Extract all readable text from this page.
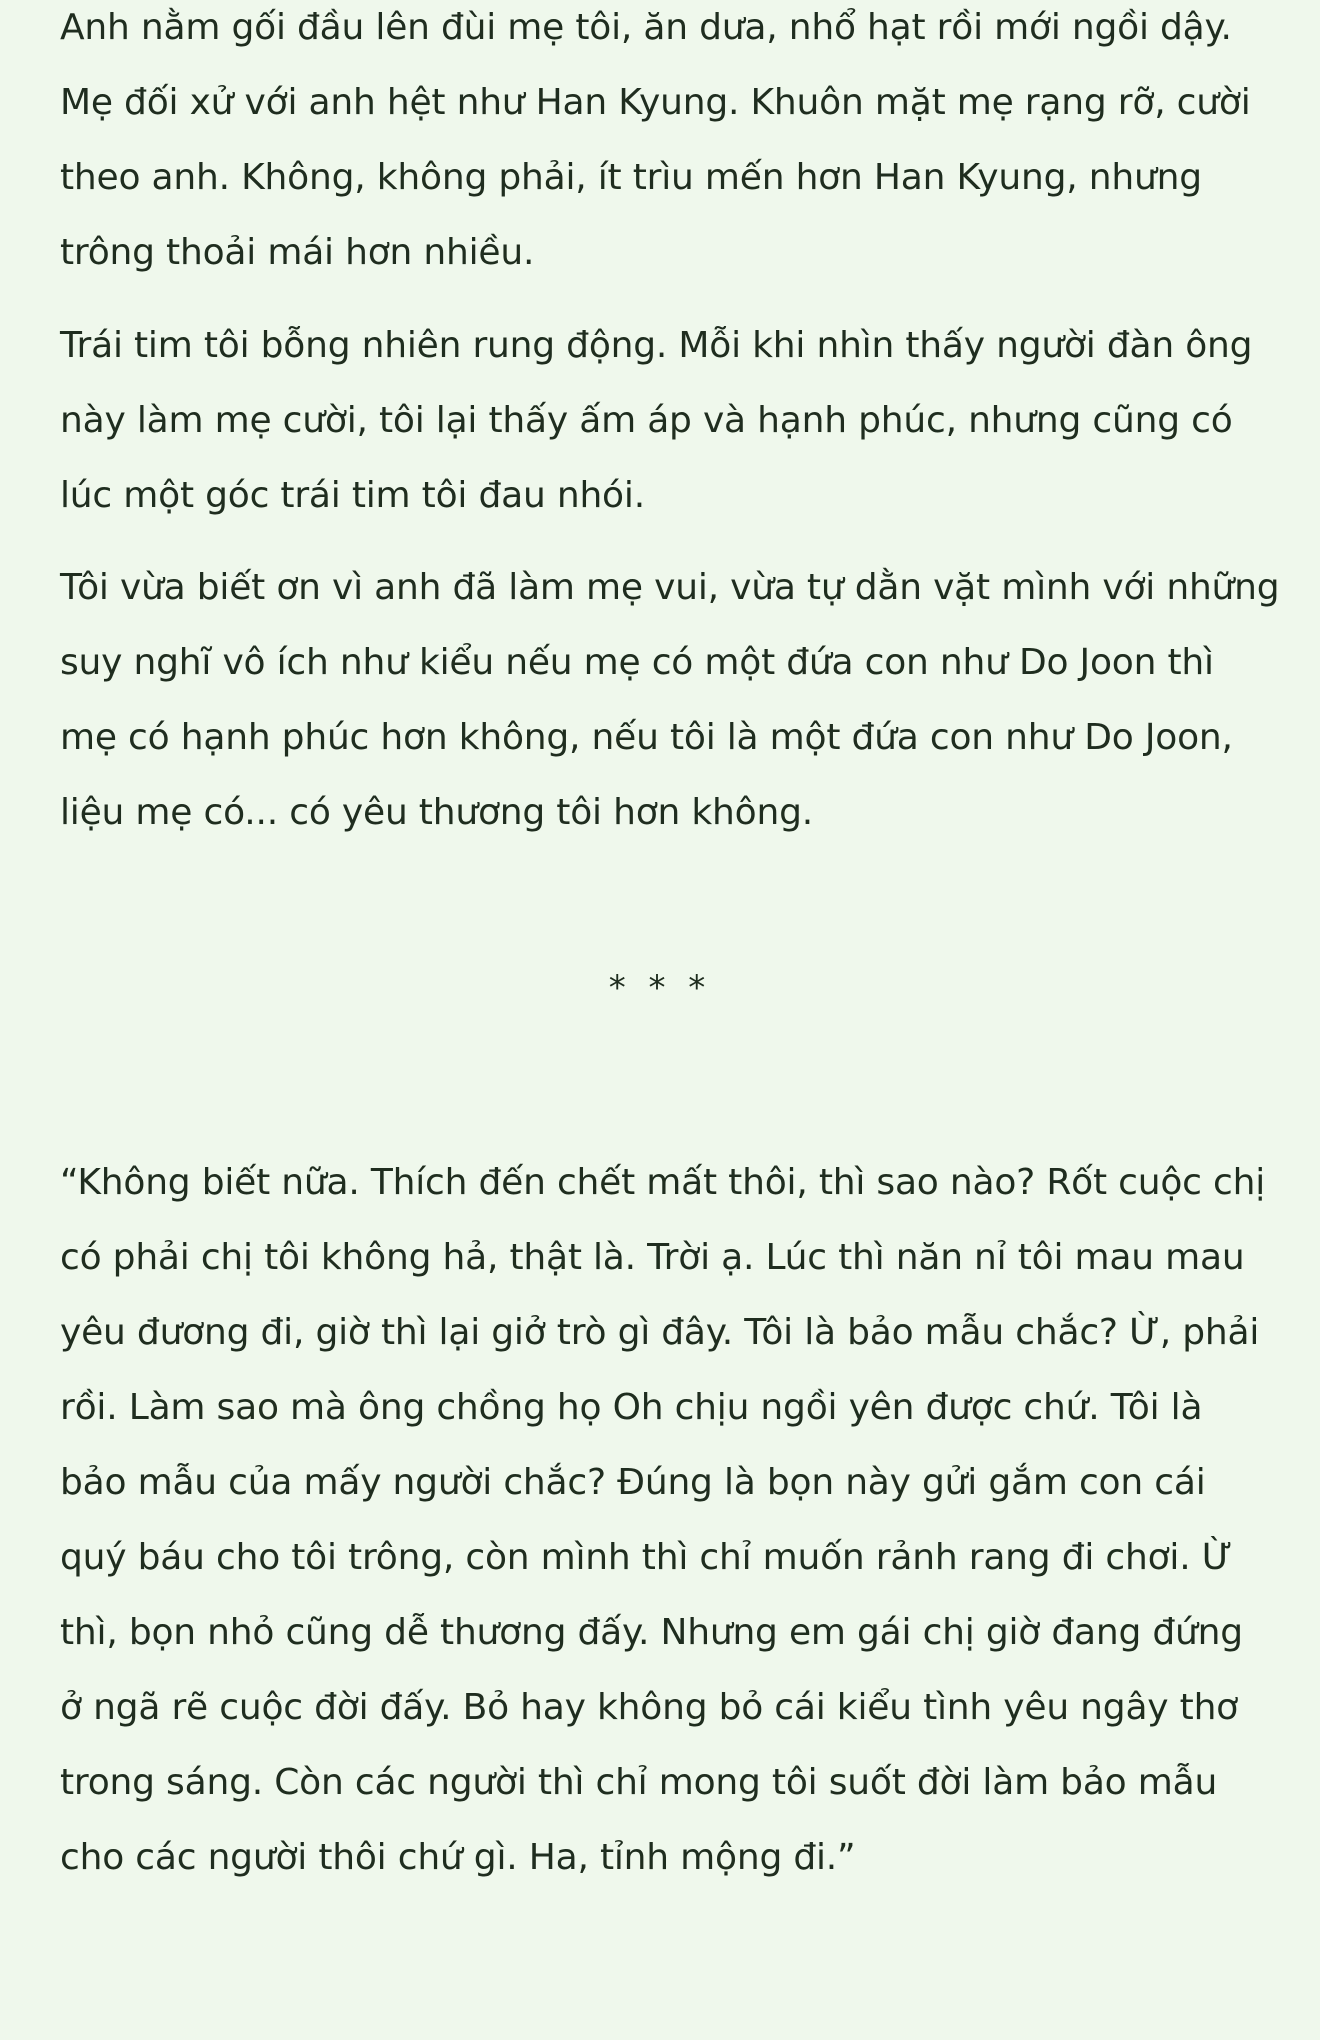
Anh nằm gối đầu lên đùi mẹ tôi, ăn dưa, nhổ hạt rồi mới ngồi dậy.
Mẹ đối xử với anh hệt như Han Kyung. Khuôn mặt mẹ rạng rỡ, cười
theo anh. Không, không phải, ít trìu mến hơn Han Kyung, nhưng
trông thoải mái hơn nhiều.

Trái tim tôi bỗng nhiên rung động. Mỗi khi nhìn thấy người đàn ông
này làm mẹ cười, tôi lại thấy ấm áp và hạnh phúc, nhưng cũng có
lúc một góc trái tim tôi đau nhói.

Tôi vừa biết ơn vì anh đã làm mẹ vui, vừa tự dằn vặt mình với những
suy nghĩ vô ích như kiểu nếu mẹ có một đứa con như Do Joon thì
mẹ có hạnh phúc hơn không, nếu tôi là một đứa con như Do Joon,
liệu mẹ có... có yêu thương tôi hơn không.

* * *

“Không biết nữa. Thích đến chết mất thôi, thì sao nào? Rốt cuộc chị
có phải chị tôi không hả, thật là. Trời ạ. Lúc thì năn nỉ tôi mau mau
yêu đương đi, giờ thì lại giở trò gì đây. Tôi là bảo mẫu chắc? Ừ, phải
rồi. Làm sao mà ông chồng họ Oh chịu ngồi yên được chứ. Tôi là
bảo mẫu của mấy người chắc? Đúng là bọn này gửi gắm con cái
quý báu cho tôi trông, còn mình thì chỉ muốn rảnh rang đi chơi. Ừ
thì, bọn nhỏ cũng dễ thương đấy. Nhưng em gái chị giờ đang đứng
ở ngã rẽ cuộc đời đấy. Bỏ hay không bỏ cái kiểu tình yêu ngây thơ
trong sáng. Còn các người thì chỉ mong tôi suốt đời làm bảo mẫu
cho các người thôi chứ gì. Ha, tỉnh mộng đi.”
